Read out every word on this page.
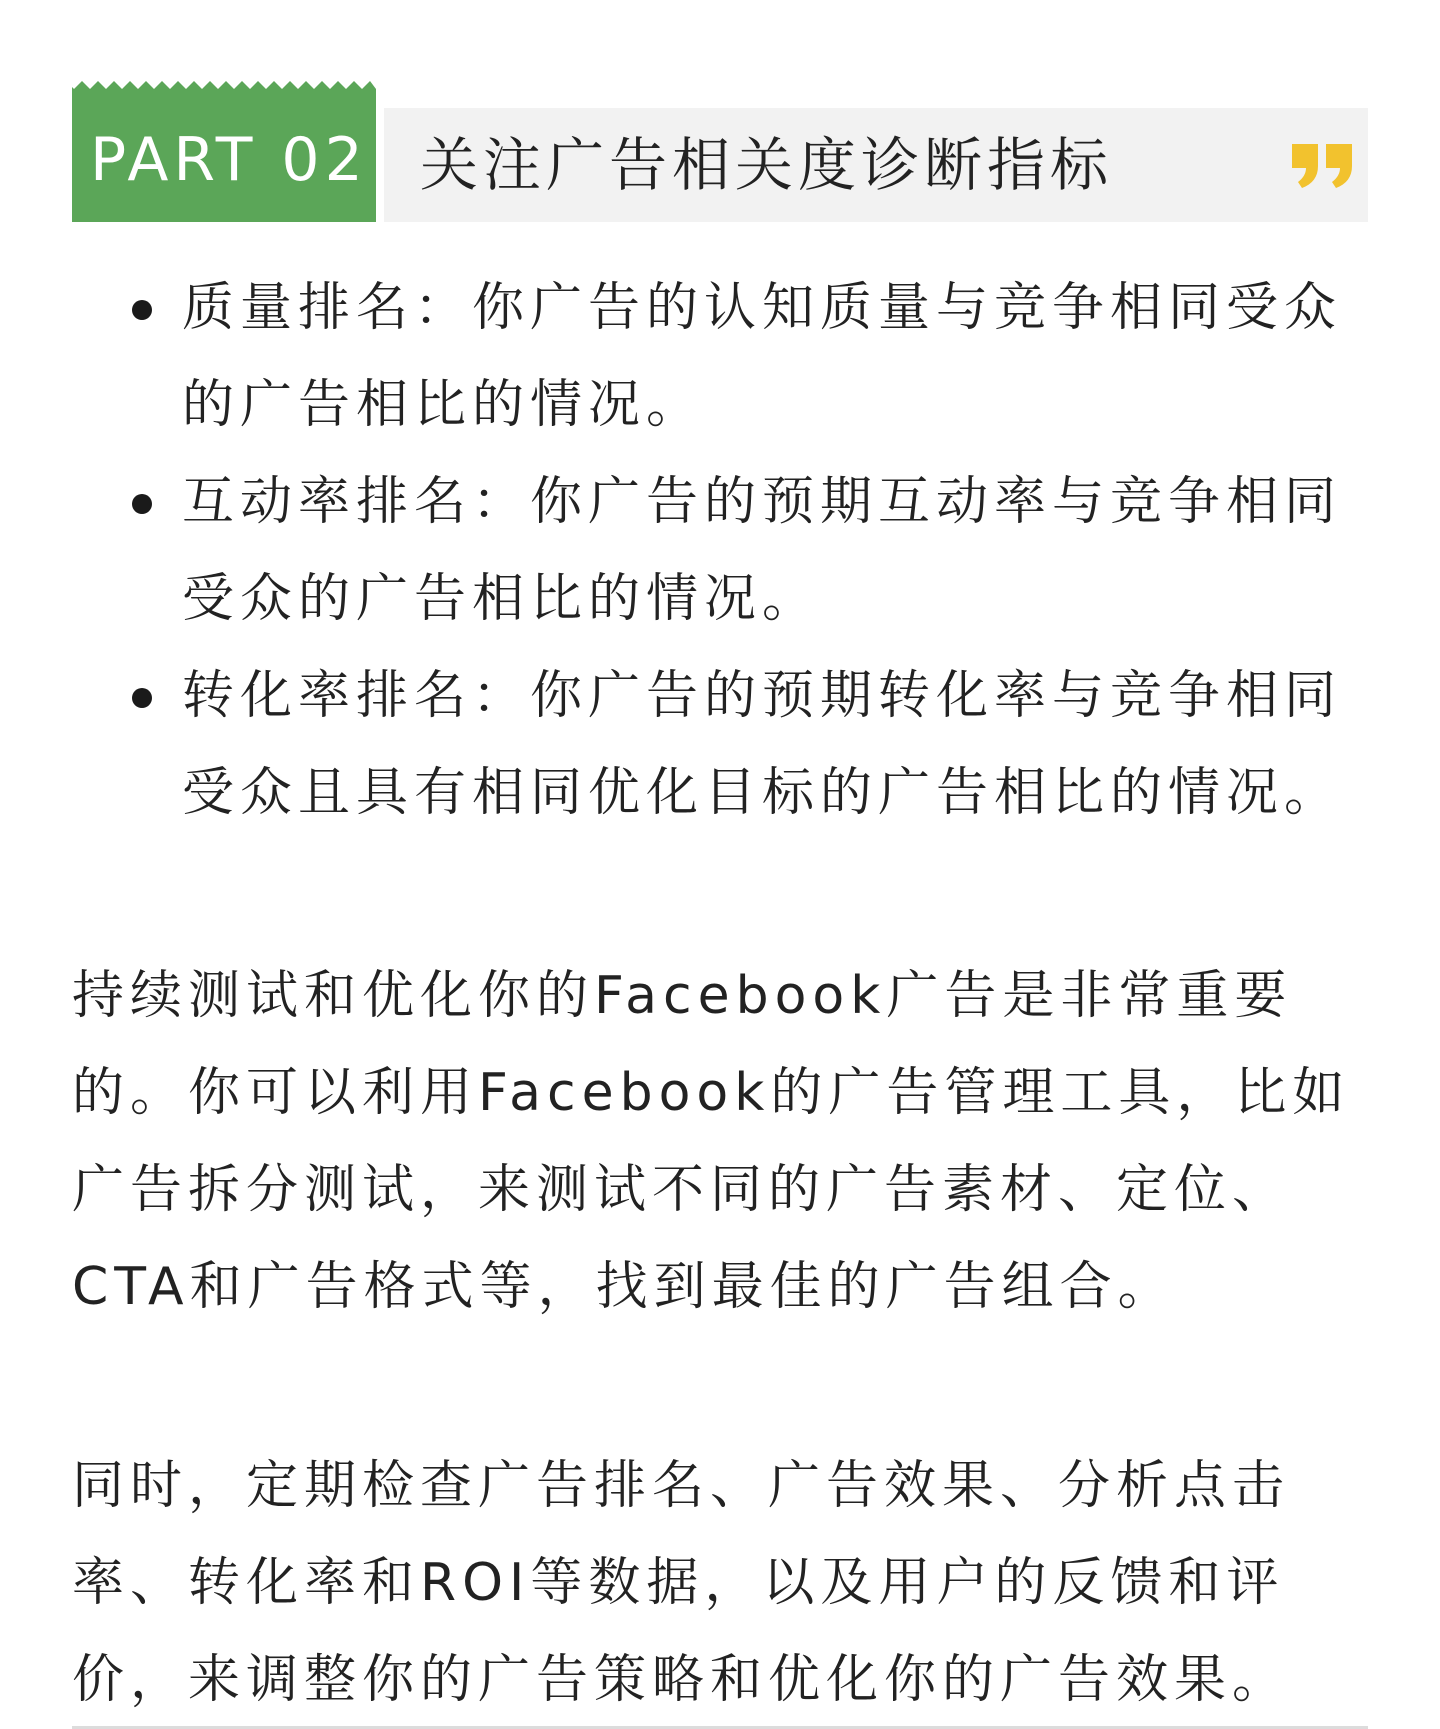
PART 02 关注广告相关度诊断指标
质量排名：你广告的认知质量与竞争相同受众的广告相比的情况。
互动率排名：你广告的预期互动率与竞争相同受众的广告相比的情况。
转化率排名：你广告的预期转化率与竞争相同受众且具有相同优化目标的广告相比的情况。

持续测试和优化你的Facebook广告是非常重要的。你可以利用Facebook的广告管理工具，比如广告拆分测试，来测试不同的广告素材、定位、CTA和广告格式等，找到最佳的广告组合。

同时，定期检查广告排名、广告效果、分析点击率、转化率和ROI等数据，以及用户的反馈和评价，来调整你的广告策略和优化你的广告效果。
